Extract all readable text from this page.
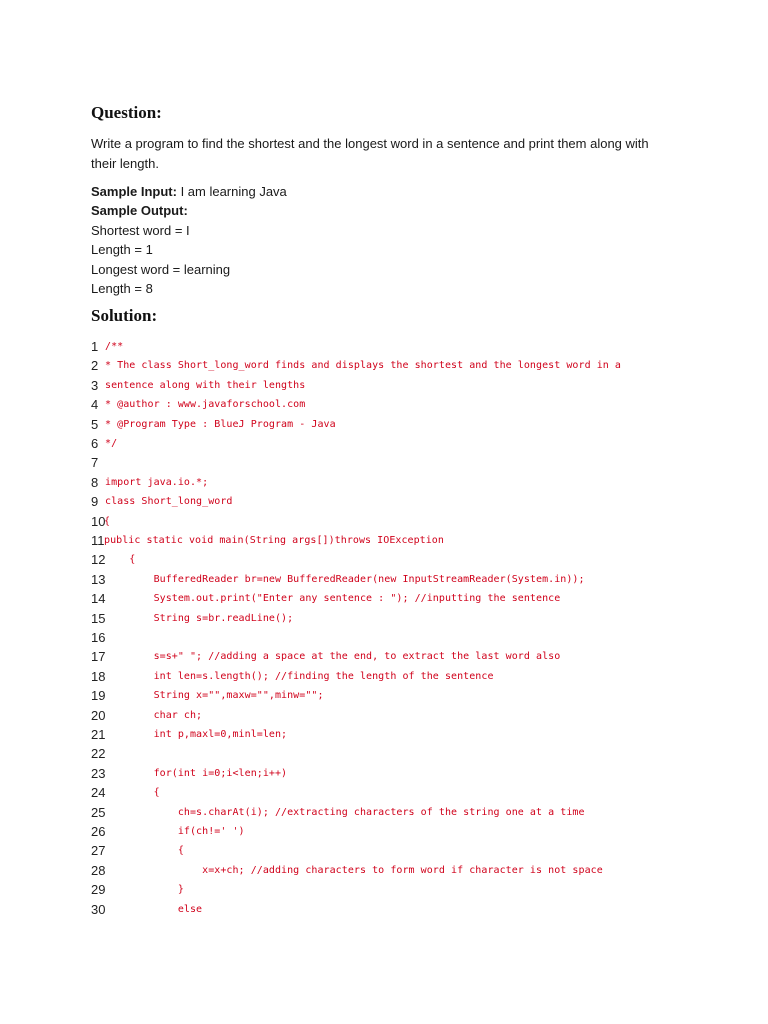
Question:

Write a program to find the shortest and the longest word in a sentence and print them along with their length.

Sample Input: I am learning Java
Sample Output:
Shortest word = I
Length = 1
Longest word = learning
Length = 8
Solution:
1 /**
2 * The class Short_long_word finds and displays the shortest and the longest word in a
3 sentence along with their lengths
4 * @author : www.javaforschool.com
5 * @Program Type : BlueJ Program - Java
6 */
7
8 import java.io.*;
9 class Short_long_word
10
{
11 public static void main(String args[])throws IOException
12 {
13 BufferedReader br=new BufferedReader(new InputStreamReader(System.in));
14 System.out.print("Enter any sentence : "); //inputting the sentence
15 String s=br.readLine();
16
17 s=s+" "; //adding a space at the end, to extract the last word also
18 int len=s.length(); //finding the length of the sentence
19 String x="",maxw="",minw="";
20 char ch;
21 int p,maxl=0,minl=len;
22
23 for(int i=0;i<len;i++)
24 {
25 ch=s.charAt(i); //extracting characters of the string one at a time
26 if(ch!=' ')
27 {
28 x=x+ch; //adding characters to form word if character is not space
29 }
30 else
